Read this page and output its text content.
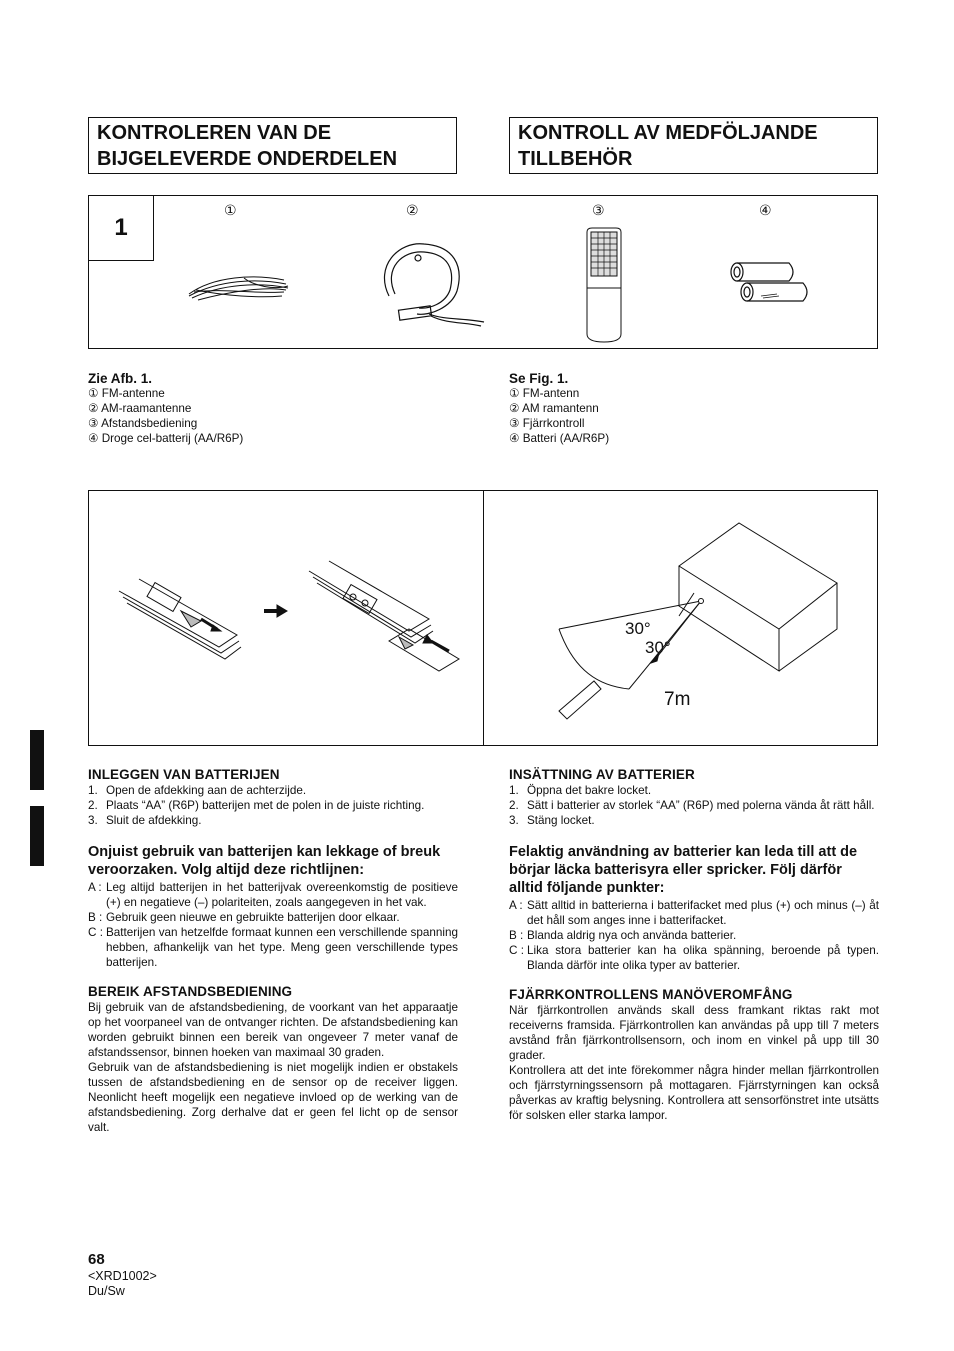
KONTROLEREN VAN DE
BIJGELEVERDE ONDERDELEN
KONTROLL AV MEDFÖLJANDE
TILLBEHÖR
1
①	②	③	④
Zie Afb. 1.
① FM-antenne
② AM-raamantenne
③ Afstandsbediening
④ Droge cel-batterij (AA/R6P)
Se Fig. 1.
① FM-antenn
② AM ramantenn
③ Fjärrkontroll
④ Batteri (AA/R6P)
30°
30°
7m
INLEGGEN VAN BATTERIJEN
1. Open de afdekking aan de achterzijde.
2. Plaats “AA” (R6P) batterijen met de polen in de juiste richting.
3. Sluit de afdekking.
Onjuist gebruik van batterijen kan lekkage of breuk veroorzaken. Volg altijd deze richtlijnen:
A : Leg altijd batterijen in het batterijvak overeenkomstig de positieve (+) en negatieve (–) polariteiten, zoals aangegeven in het vak.
B : Gebruik geen nieuwe en gebruikte batterijen door elkaar.
C : Batterijen van hetzelfde formaat kunnen een verschillende spanning hebben, afhankelijk van het type. Meng geen verschillende types batterijen.
BEREIK AFSTANDSBEDIENING

Bij gebruik van de afstandsbediening, de voorkant van het apparaatje op het voorpaneel van de ontvanger richten. De afstandsbediening kan worden gebruikt binnen een bereik van ongeveer 7 meter vanaf de afstandssensor, binnen hoeken van maximaal 30 graden.

Gebruik van de afstandsbediening is niet mogelijk indien er obstakels tussen de afstandsbediening en de sensor op de receiver liggen. Neonlicht heeft mogelijk een negatieve invloed op de werking van de afstandsbediening. Zorg derhalve dat er geen fel licht op de sensor valt.

INSÄTTNING AV BATTERIER
1. Öppna det bakre locket.
2. Sätt i batterier av storlek “AA” (R6P) med polerna vända åt rätt håll.
3. Stäng locket.
Felaktig användning av batterier kan leda till att de börjar läcka batterisyra eller spricker. Följ därför alltid följande punkter:
A : Sätt alltid in batterierna i batterifacket med plus (+) och minus (–) åt det håll som anges inne i batterifacket.
B : Blanda aldrig nya och använda batterier.
C : Lika stora batterier kan ha olika spänning, beroende på typen. Blanda därför inte olika typer av batterier.
FJÄRRKONTROLLENS MANÖVEROMFÅNG

När fjärrkontrollen används skall dess framkant riktas rakt mot receiverns framsida. Fjärrkontrollen kan användas på upp till 7 meters avstånd från fjärrkontrollsensorn, och inom en vinkel på upp till 30 grader.

Kontrollera att det inte förekommer några hinder mellan fjärrkontrollen och fjärrstyrningssensorn på mottagaren. Fjärrstyrningen kan också påverkas av kraftig belysning. Kontrollera att sensorfönstret inte utsätts för solsken eller starka lampor.

68
<XRD1002>
Du/Sw
